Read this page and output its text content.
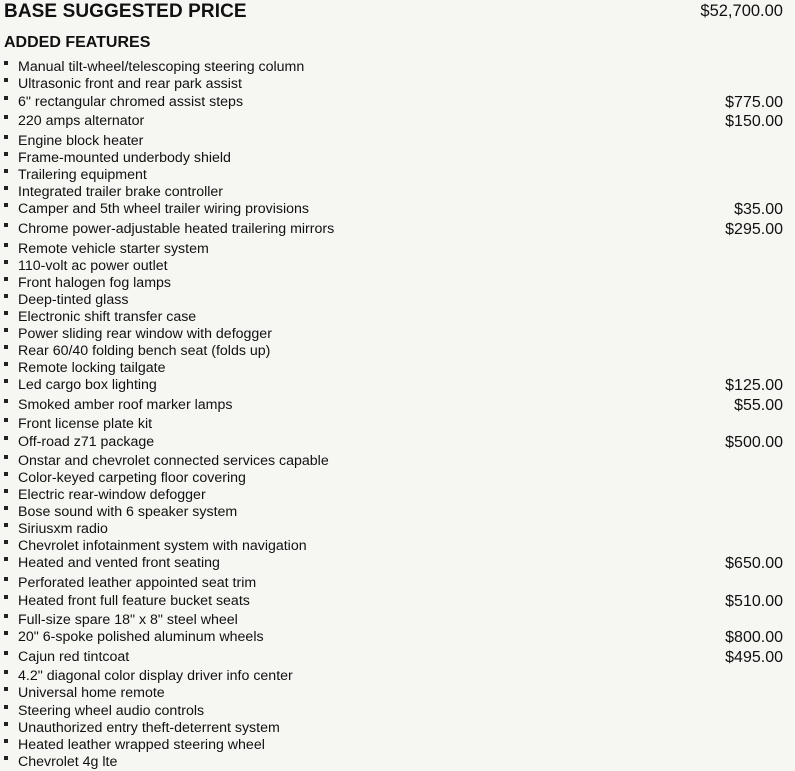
BASE SUGGESTED PRICE	$52,700.00
ADDED FEATURES
Manual tilt-wheel/telescoping steering column
Ultrasonic front and rear park assist
6" rectangular chromed assist steps	$775.00
220 amps alternator	$150.00
Engine block heater
Frame-mounted underbody shield
Trailering equipment
Integrated trailer brake controller
Camper and 5th wheel trailer wiring provisions	$35.00
Chrome power-adjustable heated trailering mirrors	$295.00
Remote vehicle starter system
110-volt ac power outlet
Front halogen fog lamps
Deep-tinted glass
Electronic shift transfer case
Power sliding rear window with defogger
Rear 60/40 folding bench seat (folds up)
Remote locking tailgate
Led cargo box lighting	$125.00
Smoked amber roof marker lamps	$55.00
Front license plate kit
Off-road z71 package	$500.00
Onstar and chevrolet connected services capable
Color-keyed carpeting floor covering
Electric rear-window defogger
Bose sound with 6 speaker system
Siriusxm radio
Chevrolet infotainment system with navigation
Heated and vented front seating	$650.00
Perforated leather appointed seat trim
Heated front full feature bucket seats	$510.00
Full-size spare 18" x 8" steel wheel
20" 6-spoke polished aluminum wheels	$800.00
Cajun red tintcoat	$495.00
4.2" diagonal color display driver info center
Universal home remote
Steering wheel audio controls
Unauthorized entry theft-deterrent system
Heated leather wrapped steering wheel
Chevrolet 4g lte
